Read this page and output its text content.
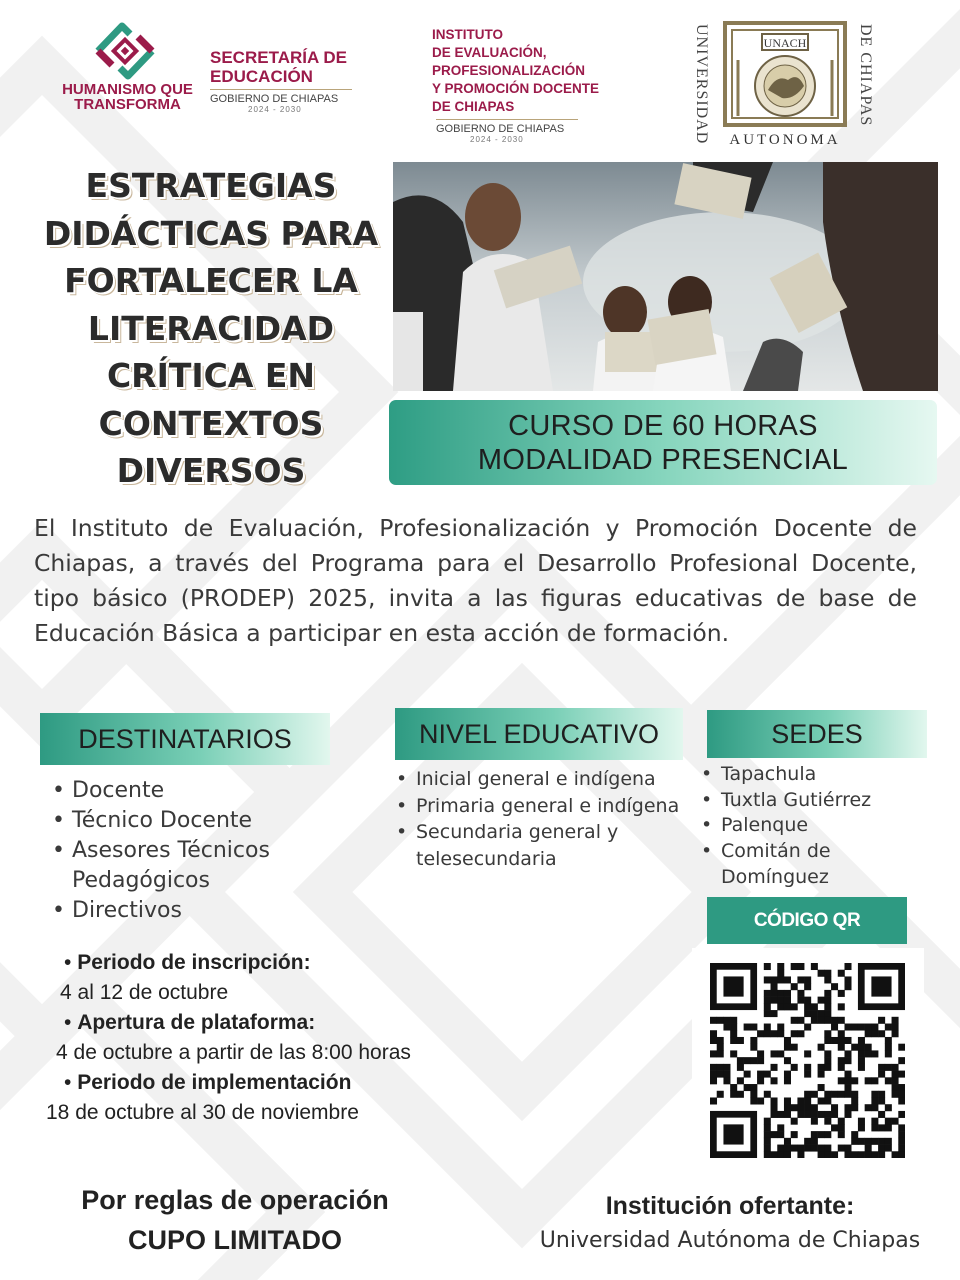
HUMANISMO QUE TRANSFORMA
SECRETARÍA DE EDUCACIÓN
GOBIERNO DE CHIAPAS
2024 - 2030
INSTITUTO
DE EVALUACIÓN,
PROFESIONALIZACIÓN
Y PROMOCIÓN DOCENTE
DE CHIAPAS
GOBIERNO DE CHIAPAS
2024 - 2030	UNIVERSIDAD	UNACH	DE CHIAPAS
AUTONOMA
ESTRATEGIAS DIDÁCTICAS PARA FORTALECER LA LITERACIDAD CRÍTICA EN CONTEXTOS DIVERSOS
CURSO DE 60 HORAS
MODALIDAD PRESENCIAL
El Instituto de Evaluación, Profesionalización y Promoción Docente de Chiapas, a través del Programa para el Desarrollo Profesional Docente, tipo básico (PRODEP) 2025, invita a las figuras educativas de base de Educación Básica a participar en esta acción de formación.
DESTINATARIOS	NIVEL EDUCATIVO	SEDES
• Docente
• Técnico Docente
• Asesores Técnicos Pedagógicos
• Directivos
• Inicial general e indígena
• Primaria general e indígena
• Secundaria general y telesecundaria
• Tapachula
• Tuxtla Gutiérrez
• Palenque
• Comitán de Domínguez
• Periodo de inscripción:
4 al 12 de octubre
• Apertura de plataforma:
4 de octubre a partir de las 8:00 horas
• Periodo de implementación
18 de octubre al 30 de noviembre
CÓDIGO QR
Por reglas de operación
CUPO LIMITADO
Institución ofertante:
Universidad Autónoma de Chiapas
